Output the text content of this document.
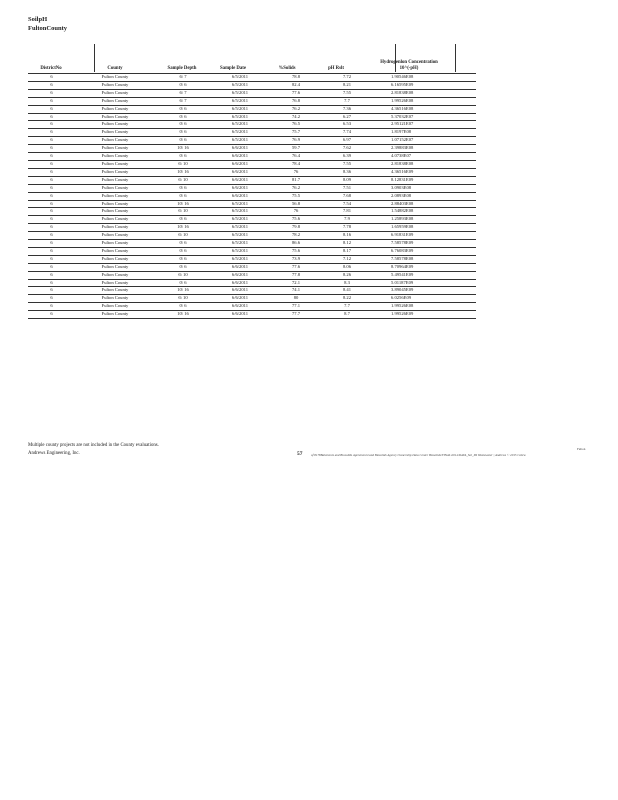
SoilpH
FultonCounty
DistrictNo	County	Sample Depth	Sample Date	%Solids	pH Rslt
Hydrogenlon Concentration
10^(-pH)
6	Fulton County	6\ 7	6/5/2011	78.8	7.72	1.90546E08
6	Fulton County	0\ 6	6/5/2011	82.4	8.21	6.16595E09
6	Fulton County	6\ 7	6/5/2011	77.6	7.55	2.81838E08
6	Fulton County	6\ 7	6/5/2011	76.8	7.7	1.99526E08
6	Fulton County	0\ 6	6/5/2011	76.2	7.36	4.36516E08
6	Fulton County	0\ 6	6/5/2011	74.2	6.27	5.37032E07
6	Fulton County	0\ 6	6/5/2011	76.5	6.53	2.95121E07
6	Fulton County	0\ 6	6/5/2011	75.7	7.74	1.8197E08
6	Fulton County	0\ 6	6/5/2011	76.9	6.97	1.07152E07
6	Fulton County	10\ 16	6/6/2011	59.7	7.62	2.39883E08
6	Fulton County	0\ 6	6/6/2011	76.4	6.39	4.0738E07
6	Fulton County	6\ 10	6/6/2011	78.4	7.55	2.81838E08
6	Fulton County	10\ 16	6/6/2011	76	8.36	4.36516E09
6	Fulton County	6\ 10	6/6/2011	81.7	8.09	8.12831E09
6	Fulton County	0\ 6	6/6/2011	76.2	7.51	3.0903E08
6	Fulton County	0\ 6	6/6/2011	75.5	7.68	2.0893E08
6	Fulton County	10\ 16	6/5/2011	56.8	7.54	2.88403E08
6	Fulton County	6\ 10	6/5/2011	76	7.81	1.54882E08
6	Fulton County	0\ 6	6/5/2011	75.6	7.9	1.25893E08
6	Fulton County	10\ 16	6/5/2011	79.8	7.78	1.65959E08
6	Fulton County	6\ 10	6/5/2011	78.2	8.16	6.91831E09
6	Fulton County	0\ 6	6/5/2011	86.6	8.12	7.58578E09
6	Fulton County	0\ 6	6/5/2011	75.6	8.17	6.76083E09
6	Fulton County	0\ 6	6/5/2011	73.9	7.12	7.58578E08
6	Fulton County	0\ 6	6/6/2011	77.6	8.06	8.70964E09
6	Fulton County	6\ 10	6/6/2011	77.8	8.26	5.49541E09
6	Fulton County	0\ 6	6/6/2011	72.1	8.3	5.01187E09
6	Fulton County	10\ 16	6/6/2011	74.1	8.41	3.89045E09
6	Fulton County	6\ 10	6/6/2011	80	8.22	6.0256E09
6	Fulton County	0\ 6	6/6/2011	77.1	7.7	1.99526E08
6	Fulton County	10\ 16	6/6/2011	77.7	8.7	1.99526E09
Multiple county projects are not included in the County evaluations.
Andrews Engineering, Inc.	57	of 8178Balements and Biosolids Agreement Land Biosolids Agency Ownership Data Center Biosolids/FINAL\2014\DATA_Sol_Pd Wastewater | Andrews © 2015 Cobra
Fulton
